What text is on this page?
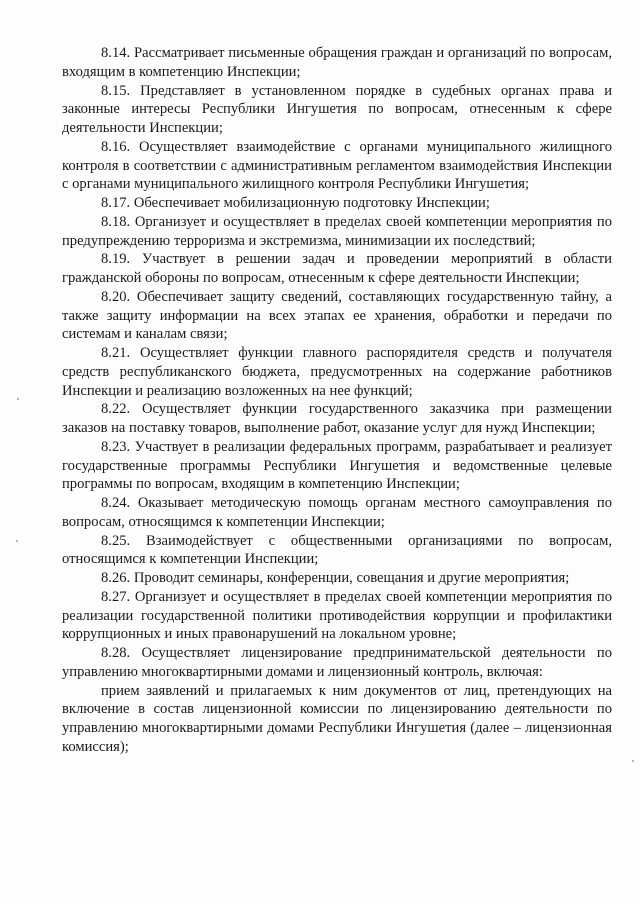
8.14. Рассматривает письменные обращения граждан и организаций по вопросам, входящим в компетенцию Инспекции;

8.15. Представляет в установленном порядке в судебных органах права и законные интересы Республики Ингушетия по вопросам, отнесенным к сфере деятельности Инспекции;

8.16. Осуществляет взаимодействие с органами муниципального жилищного контроля в соответствии с административным регламентом взаимодействия Инспекции с органами муниципального жилищного контроля Республики Ингушетия;

8.17. Обеспечивает мобилизационную подготовку Инспекции;

8.18. Организует и осуществляет в пределах своей компетенции мероприятия по предупреждению терроризма и экстремизма, минимизации их последствий;

8.19. Участвует в решении задач и проведении мероприятий в области гражданской обороны по вопросам, отнесенным к сфере деятельности Инспекции;

8.20. Обеспечивает защиту сведений, составляющих государственную тайну, а также защиту информации на всех этапах ее хранения, обработки и передачи по системам и каналам связи;

8.21. Осуществляет функции главного распорядителя средств и получателя средств республиканского бюджета, предусмотренных на содержание работников Инспекции и реализацию возложенных на нее функций;

8.22. Осуществляет функции государственного заказчика при размещении заказов на поставку товаров, выполнение работ, оказание услуг для нужд Инспекции;

8.23. Участвует в реализации федеральных программ, разрабатывает и реализует государственные программы Республики Ингушетия и ведомственные целевые программы по вопросам, входящим в компетенцию Инспекции;

8.24. Оказывает методическую помощь органам местного самоуправления по вопросам, относящимся к компетенции Инспекции;

8.25. Взаимодействует с общественными организациями по вопросам, относящимся к компетенции Инспекции;

8.26. Проводит семинары, конференции, совещания и другие мероприятия;

8.27. Организует и осуществляет в пределах своей компетенции мероприятия по реализации государственной политики противодействия коррупции и профилактики коррупционных и иных правонарушений на локальном уровне;

8.28. Осуществляет лицензирование предпринимательской деятельности по управлению многоквартирными домами и лицензионный контроль, включая:

прием заявлений и прилагаемых к ним документов от лиц, претендующих на включение в состав лицензионной комиссии по лицензированию деятельности по управлению многоквартирными домами Республики Ингушетия (далее – лицензионная комиссия);
